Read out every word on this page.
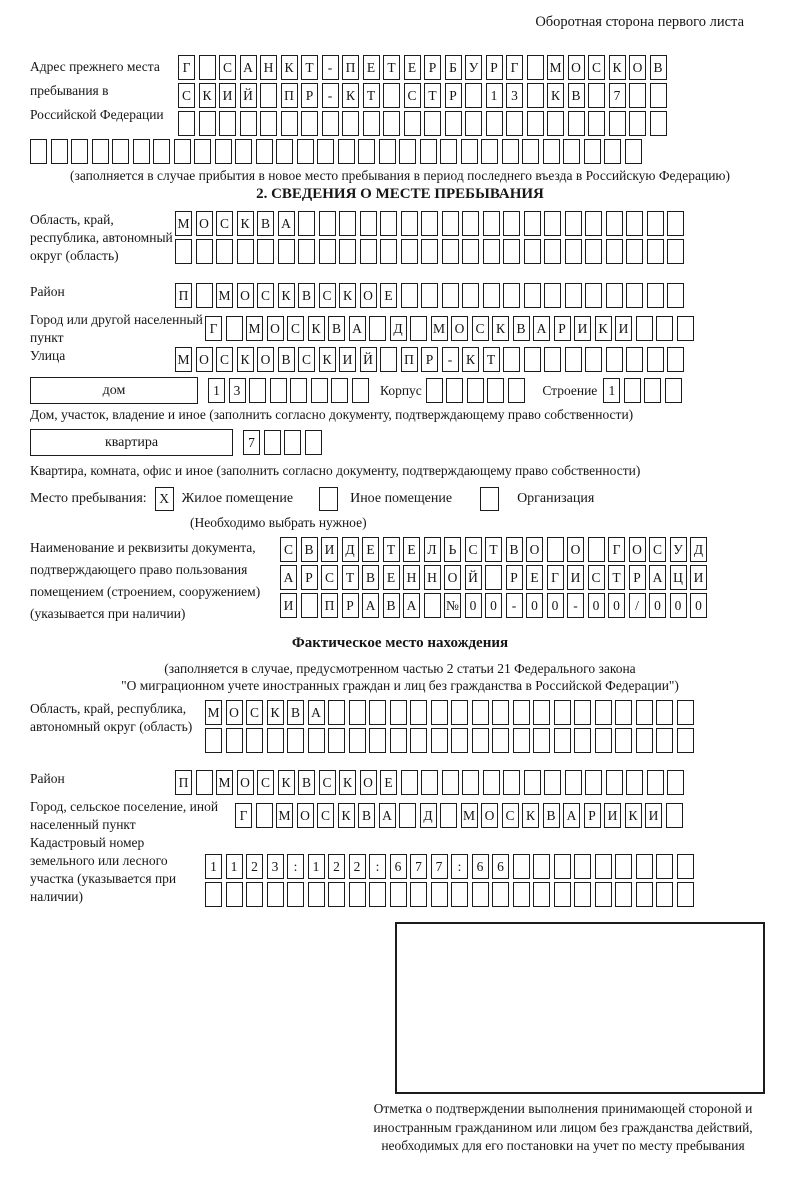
Оборотная сторона первого листа
Адрес прежнего места пребывания в Российской Федерации
Г	С А Н К Т	- П Е Т Е Р Б У Р Г	М О С К О В
С К И Й П Р	-	К Т	С Т Р	1	3	К В	7
(заполняется в случае прибытия в новое место пребывания в период последнего въезда в Российскую Федерацию)
2. СВЕДЕНИЯ О МЕСТЕ ПРЕБЫВАНИЯ
Область, край, республика, автономный округ (область)
М О С К В А
Район	П М О С К В С К О Е
Город или другой населенный пункт
Г	М О С К В А Д М О С К В А Р И К И
Улица	М О С К О В С К И Й П Р	-	К Т
дом	1	3	Корпус	Строение 1
Дом, участок, владение и иное (заполнить согласно документу, подтверждающему право собственности)
квартира	7
Квартира, комната, офис и иное (заполнить согласно документу, подтверждающему право собственности)
Место пребывания: X Жилое помещение	Иное помещение	Организация
(Необходимо выбрать нужное)
Наименование и реквизиты документа, подтверждающего право пользования помещением (строением, сооружением) (указывается при наличии)
С В И Д Е Т Е Л Ь С Т В О О	Г О С У Д
А Р С Т В Е Н Н О Й	Р Е Г И С Т Р А Ц И
И П Р А В А № 0	0	-	0	0	-	0	0	/	0	0	0
Фактическое место нахождения
(заполняется в случае, предусмотренном частью 2 статьи 21 Федерального закона
"О миграционном учете иностранных граждан и лиц без гражданства в Российской Федерации")
Область, край, республика, автономный округ (область)
М О С К В А
Район	П М О С К В С К О Е
Город, сельское поселение, иной населенный пункт
Г	М О С К В А Д М О С К В А Р И К И
Кадастровый номер земельного или лесного участка (указывается при наличии)
1	1	2	3	:	1	2	2	:	6	7	7	:	6	6
Отметка о подтверждении выполнения принимающей стороной и иностранным гражданином или лицом без гражданства действий, необходимых для его постановки на учет по месту пребывания
